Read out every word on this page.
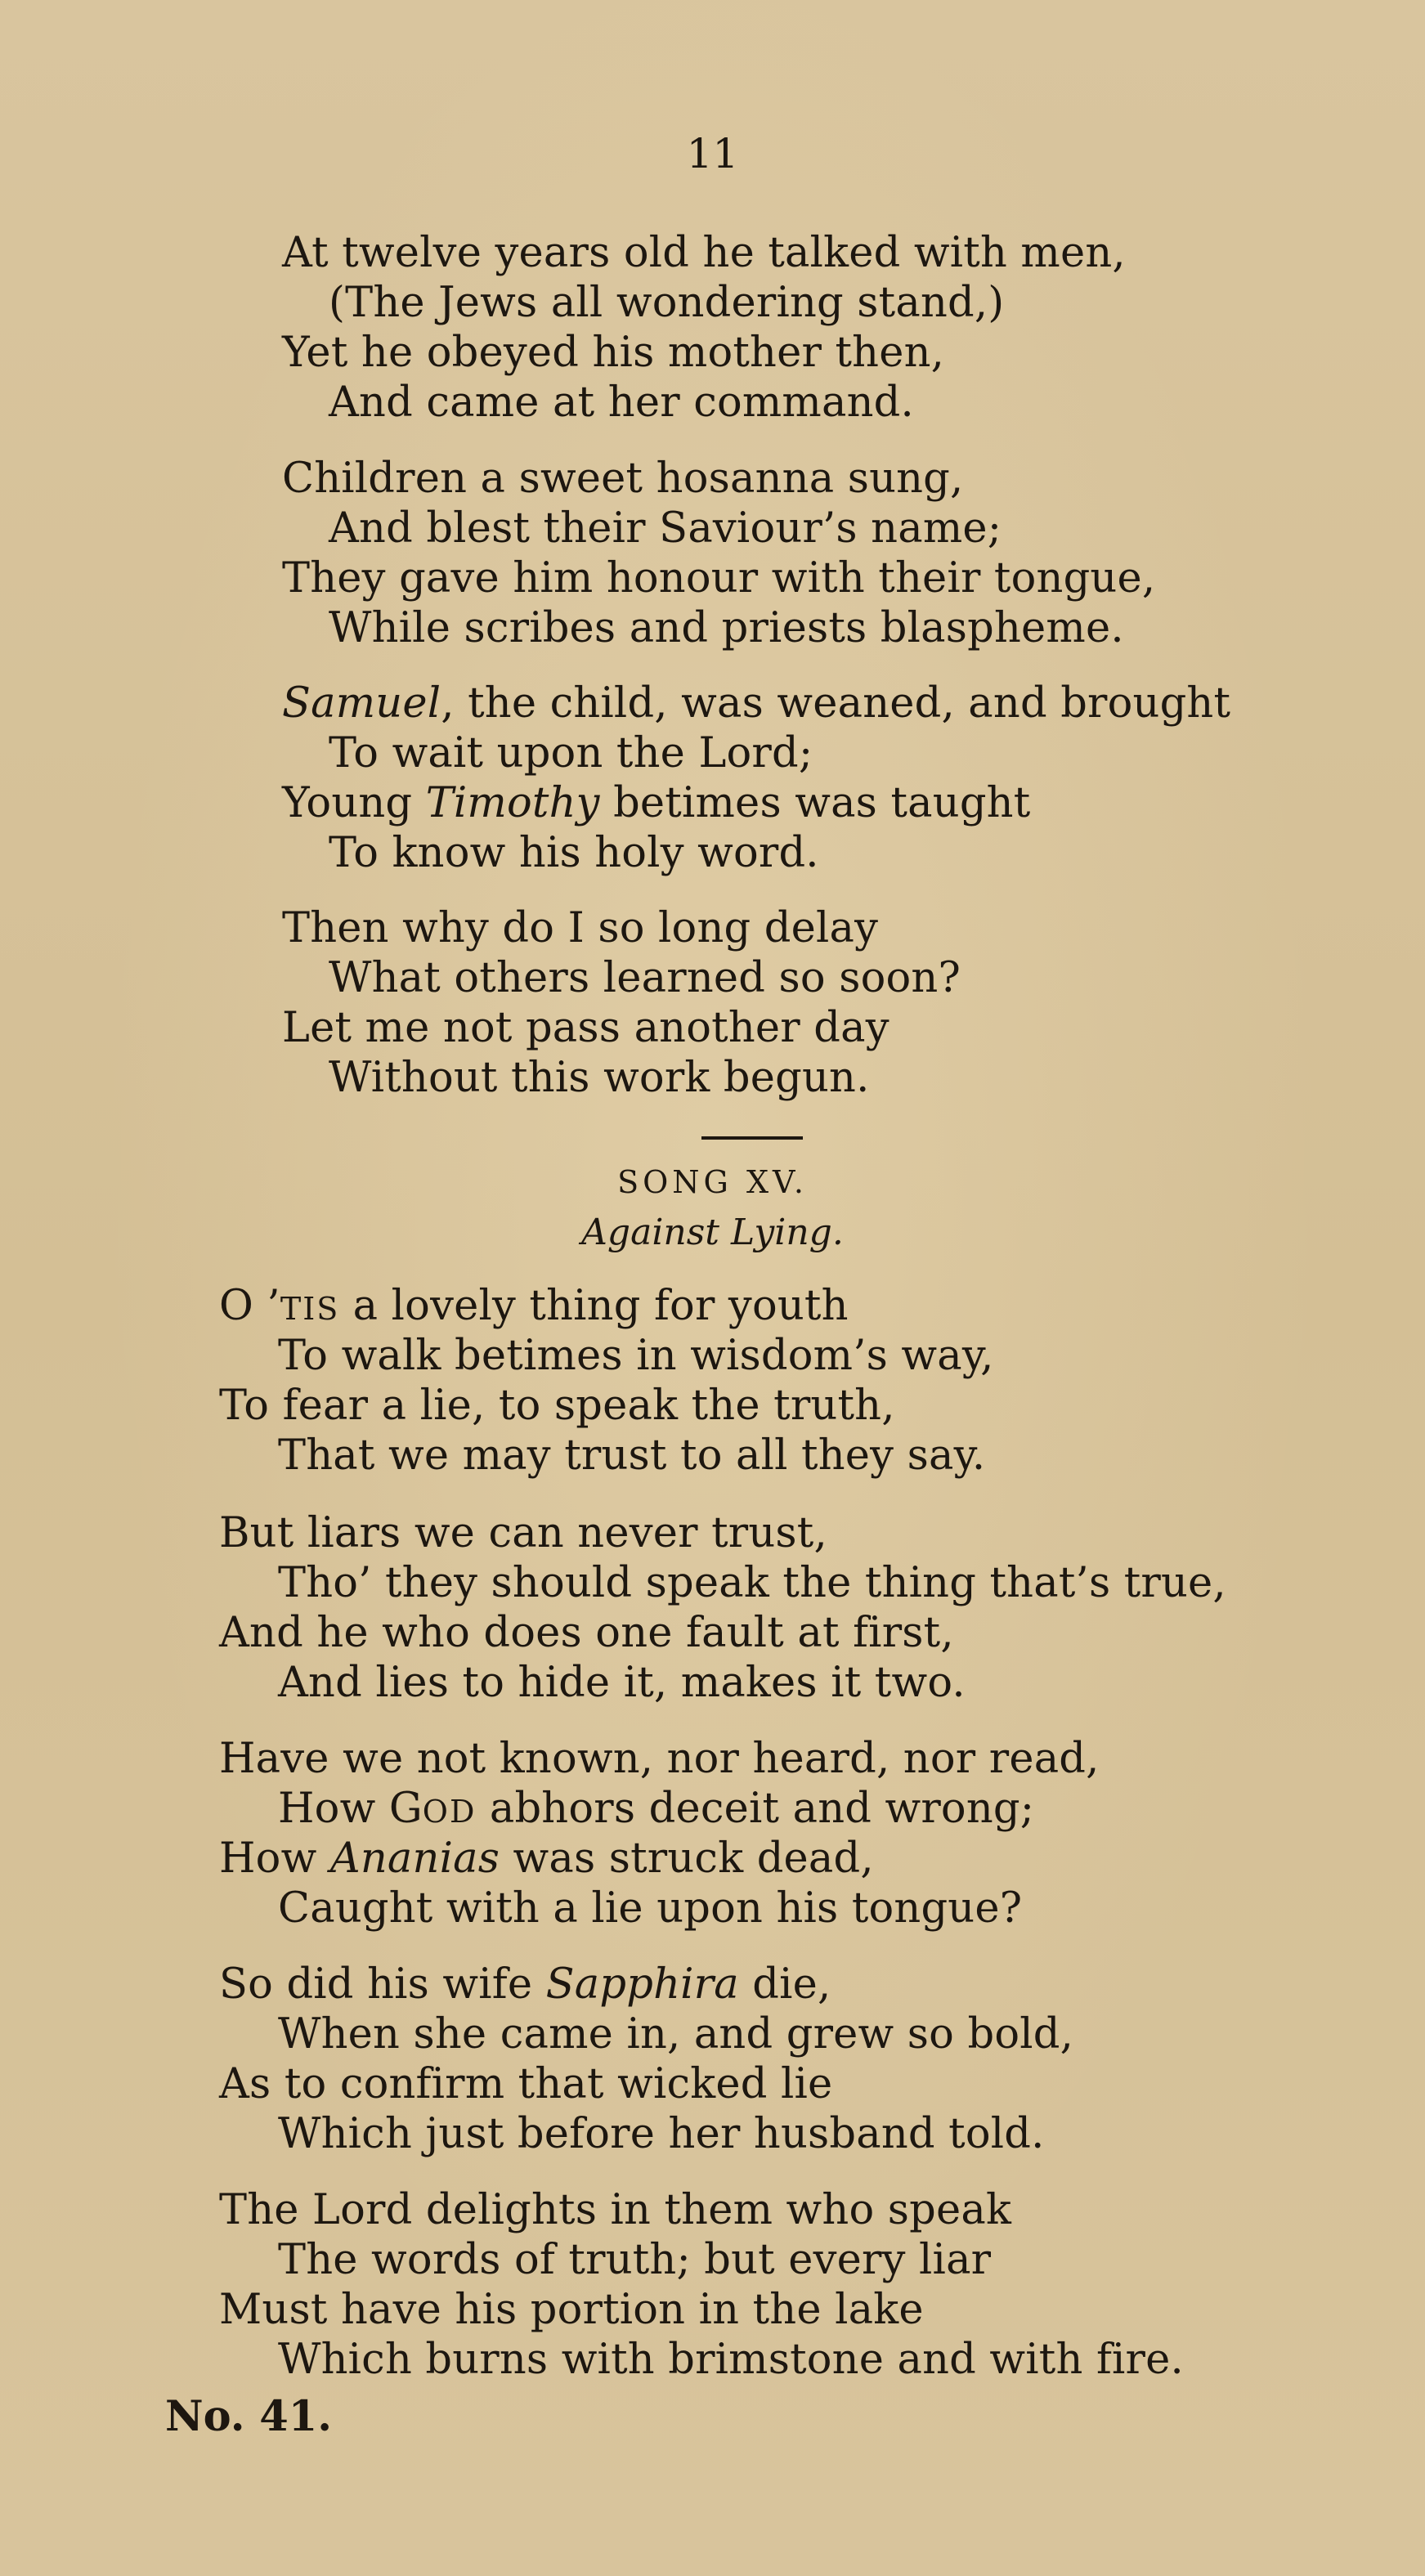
11
At twelve years old he talked with men,
(The Jews all wondering stand,)
Yet he obeyed his mother then,
And came at her command.
Children a sweet hosanna sung,
And blest their Saviour’s name;
They gave him honour with their tongue,
While scribes and priests blaspheme.
Samuel, the child, was weaned, and brought
To wait upon the Lord;
Young Timothy betimes was taught
To know his holy word.
Then why do I so long delay
What others learned so soon?
Let me not pass another day
Without this work begun.
SONG XV.
Against Lying.
O ’TIS a lovely thing for youth
To walk betimes in wisdom’s way,
To fear a lie, to speak the truth,
That we may trust to all they say.
But liars we can never trust,
Tho’ they should speak the thing that’s true,
And he who does one fault at first,
And lies to hide it, makes it two.
Have we not known, nor heard, nor read,
How GOD abhors deceit and wrong;
How Ananias was struck dead,
Caught with a lie upon his tongue?
So did his wife Sapphira die,
When she came in, and grew so bold,
As to confirm that wicked lie
Which just before her husband told.
The Lord delights in them who speak
The words of truth; but every liar
Must have his portion in the lake
Which burns with brimstone and with fire.
No. 41.
